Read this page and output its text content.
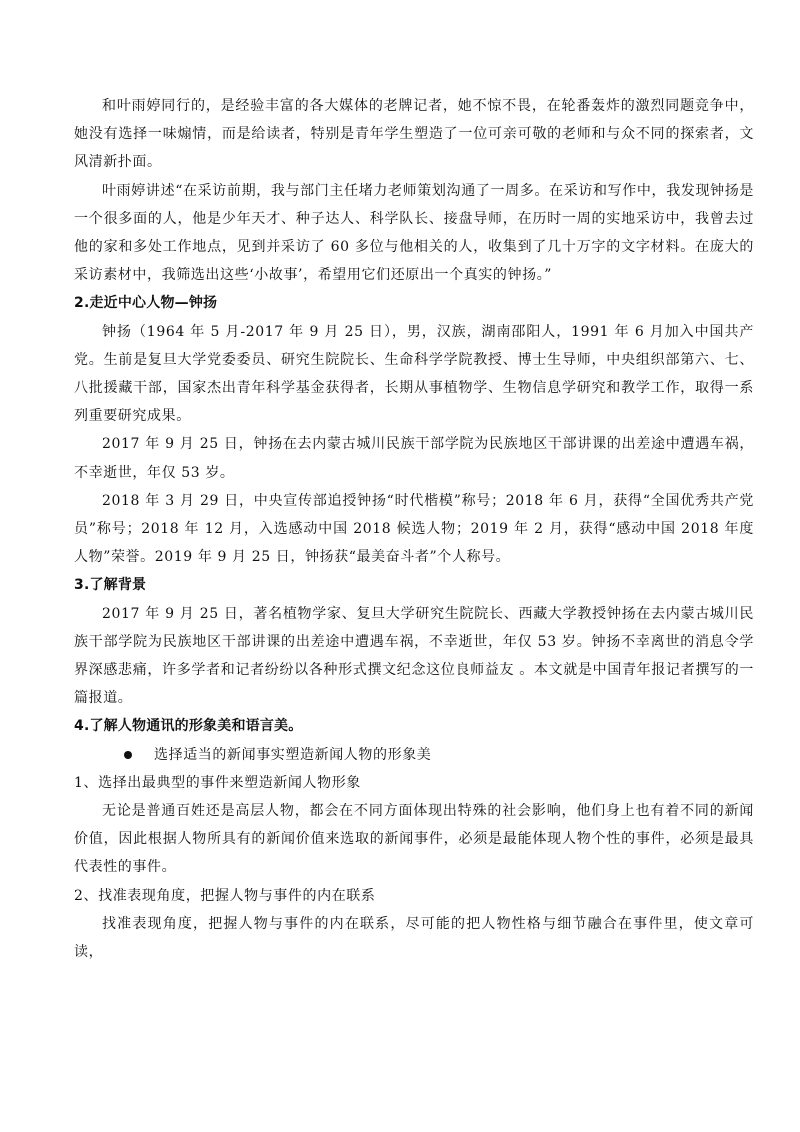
和叶雨婷同行的，是经验丰富的各大媒体的老牌记者，她不惊不畏，在轮番轰炸的激烈同题竞争中，她没有选择一味煽情，而是给读者，特别是青年学生塑造了一位可亲可敬的老师和与众不同的探索者，文风清新扑面。

叶雨婷讲述“在采访前期，我与部门主任堵力老师策划沟通了一周多。在采访和写作中，我发现钟扬是一个很多面的人，他是少年天才、种子达人、科学队长、接盘导师，在历时一周的实地采访中，我曾去过他的家和多处工作地点，见到并采访了 60 多位与他相关的人，收集到了几十万字的文字材料。在庞大的采访素材中，我筛选出这些‘小故事’，希望用它们还原出一个真实的钟扬。”

2.走近中心人物—钟扬

钟扬（1964 年 5 月-2017 年 9 月 25 日），男，汉族，湖南邵阳人，1991 年 6 月加入中国共产党。生前是复旦大学党委委员、研究生院院长、生命科学学院教授、博士生导师，中央组织部第六、七、八批援藏干部，国家杰出青年科学基金获得者，长期从事植物学、生物信息学研究和教学工作，取得一系列重要研究成果。

2017 年 9 月 25 日，钟扬在去内蒙古城川民族干部学院为民族地区干部讲课的出差途中遭遇车祸，不幸逝世，年仅 53 岁。

2018 年 3 月 29 日，中央宣传部追授钟扬“时代楷模”称号；2018 年 6 月，获得“全国优秀共产党员”称号；2018 年 12 月，入选感动中国 2018 候选人物；2019 年 2 月，获得“感动中国 2018 年度人物”荣誉。2019 年 9 月 25 日，钟扬获“最美奋斗者”个人称号。

3.了解背景

2017 年 9 月 25 日，著名植物学家、复旦大学研究生院院长、西藏大学教授钟扬在去内蒙古城川民族干部学院为民族地区干部讲课的出差途中遭遇车祸，不幸逝世，年仅 53 岁。钟扬不幸离世的消息令学界深感悲痛，许多学者和记者纷纷以各种形式撰文纪念这位良师益友 。本文就是中国青年报记者撰写的一篇报道。

4.了解人物通讯的形象美和语言美。

选择适当的新闻事实塑造新闻人物的形象美

1、选择出最典型的事件来塑造新闻人物形象

无论是普通百姓还是高层人物，都会在不同方面体现出特殊的社会影响，他们身上也有着不同的新闻价值，因此根据人物所具有的新闻价值来选取的新闻事件，必须是最能体现人物个性的事件，必须是最具代表性的事件。

2、找准表现角度，把握人物与事件的内在联系

找准表现角度，把握人物与事件的内在联系，尽可能的把人物性格与细节融合在事件里，使文章可读，
